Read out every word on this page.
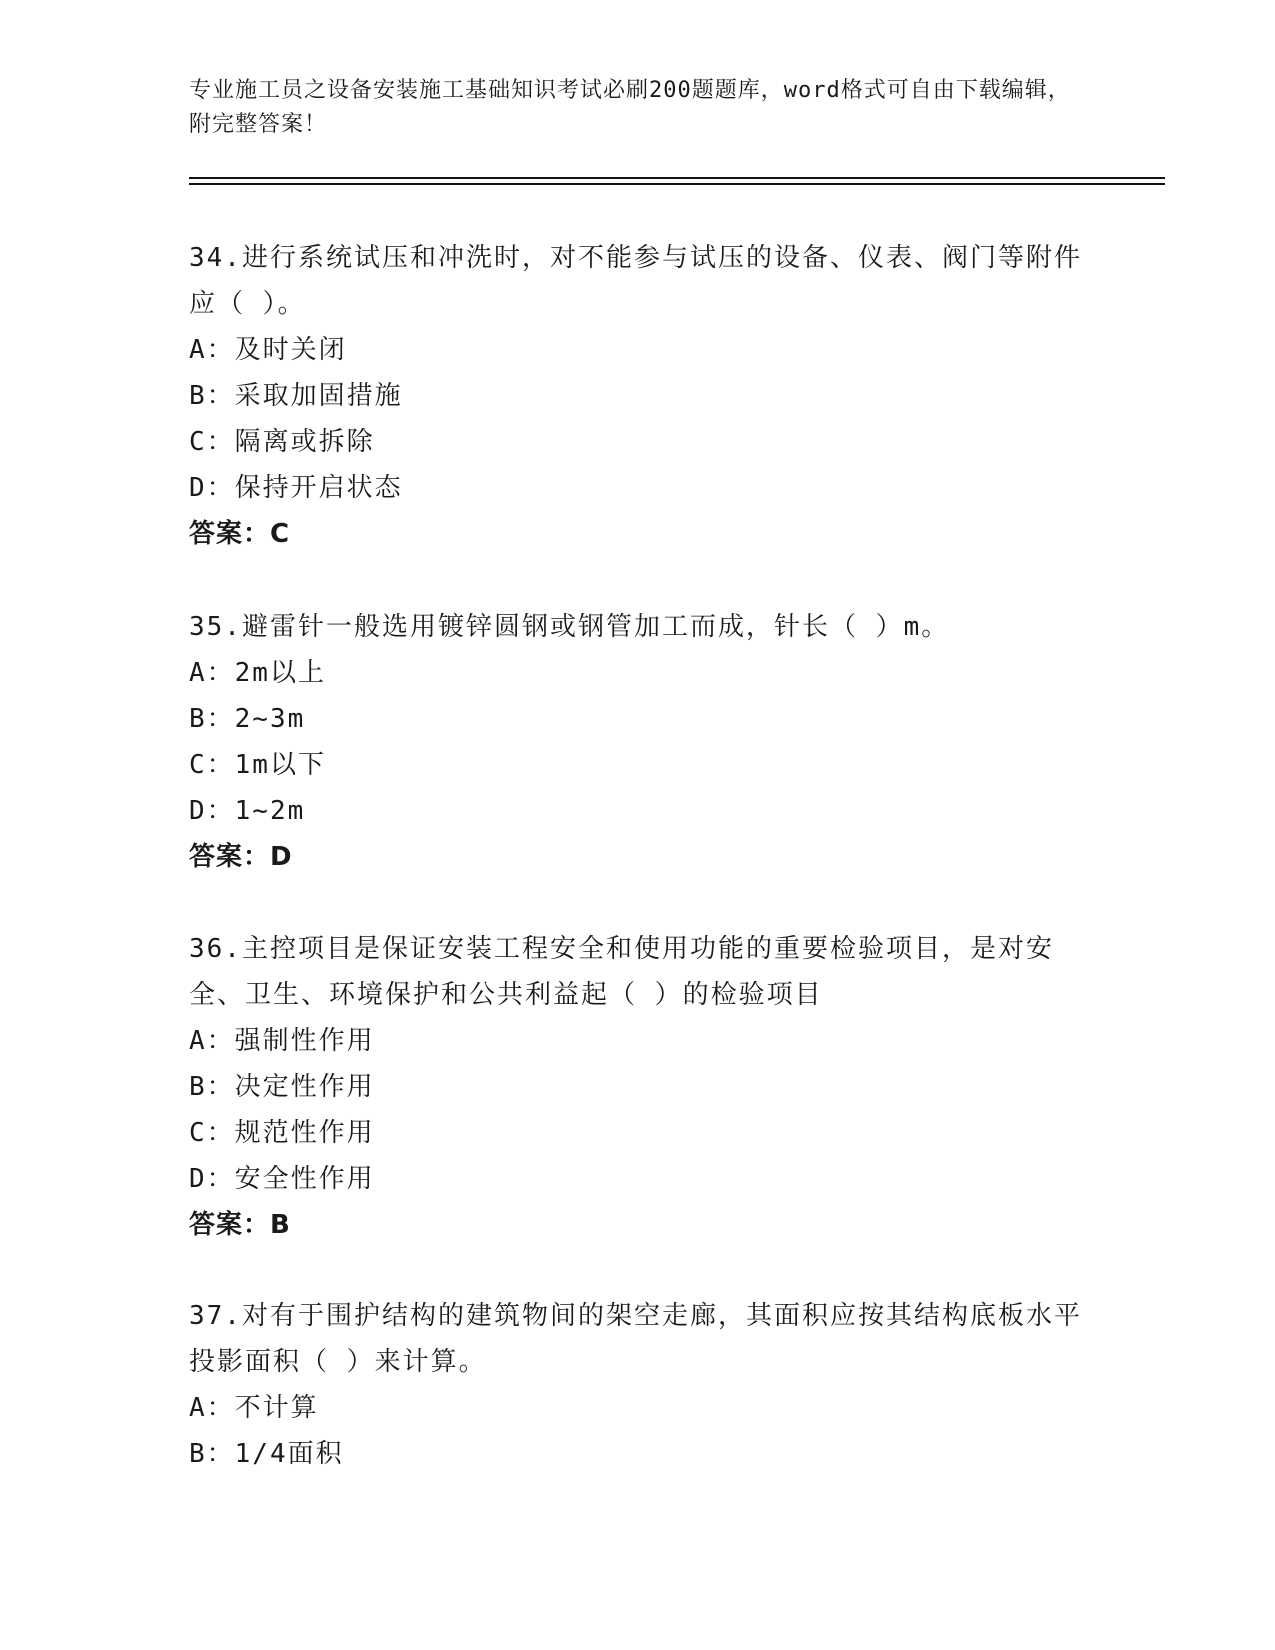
专业施工员之设备安装施工基础知识考试必刷200题题库，word格式可自由下载编辑，附完整答案！
34.进行系统试压和冲洗时，对不能参与试压的设备、仪表、阀门等附件应（ ）。
A：及时关闭
B：采取加固措施
C：隔离或拆除
D：保持开启状态
答案：C
35.避雷针一般选用镀锌圆钢或钢管加工而成，针长（ ）m。
A：2m以上
B：2~3m
C：1m以下
D：1~2m
答案：D
36.主控项目是保证安装工程安全和使用功能的重要检验项目，是对安全、卫生、环境保护和公共利益起（ ）的检验项目
A：强制性作用
B：决定性作用
C：规范性作用
D：安全性作用
答案：B
37.对有于围护结构的建筑物间的架空走廊，其面积应按其结构底板水平投影面积（ ）来计算。
A：不计算
B：1/4面积
